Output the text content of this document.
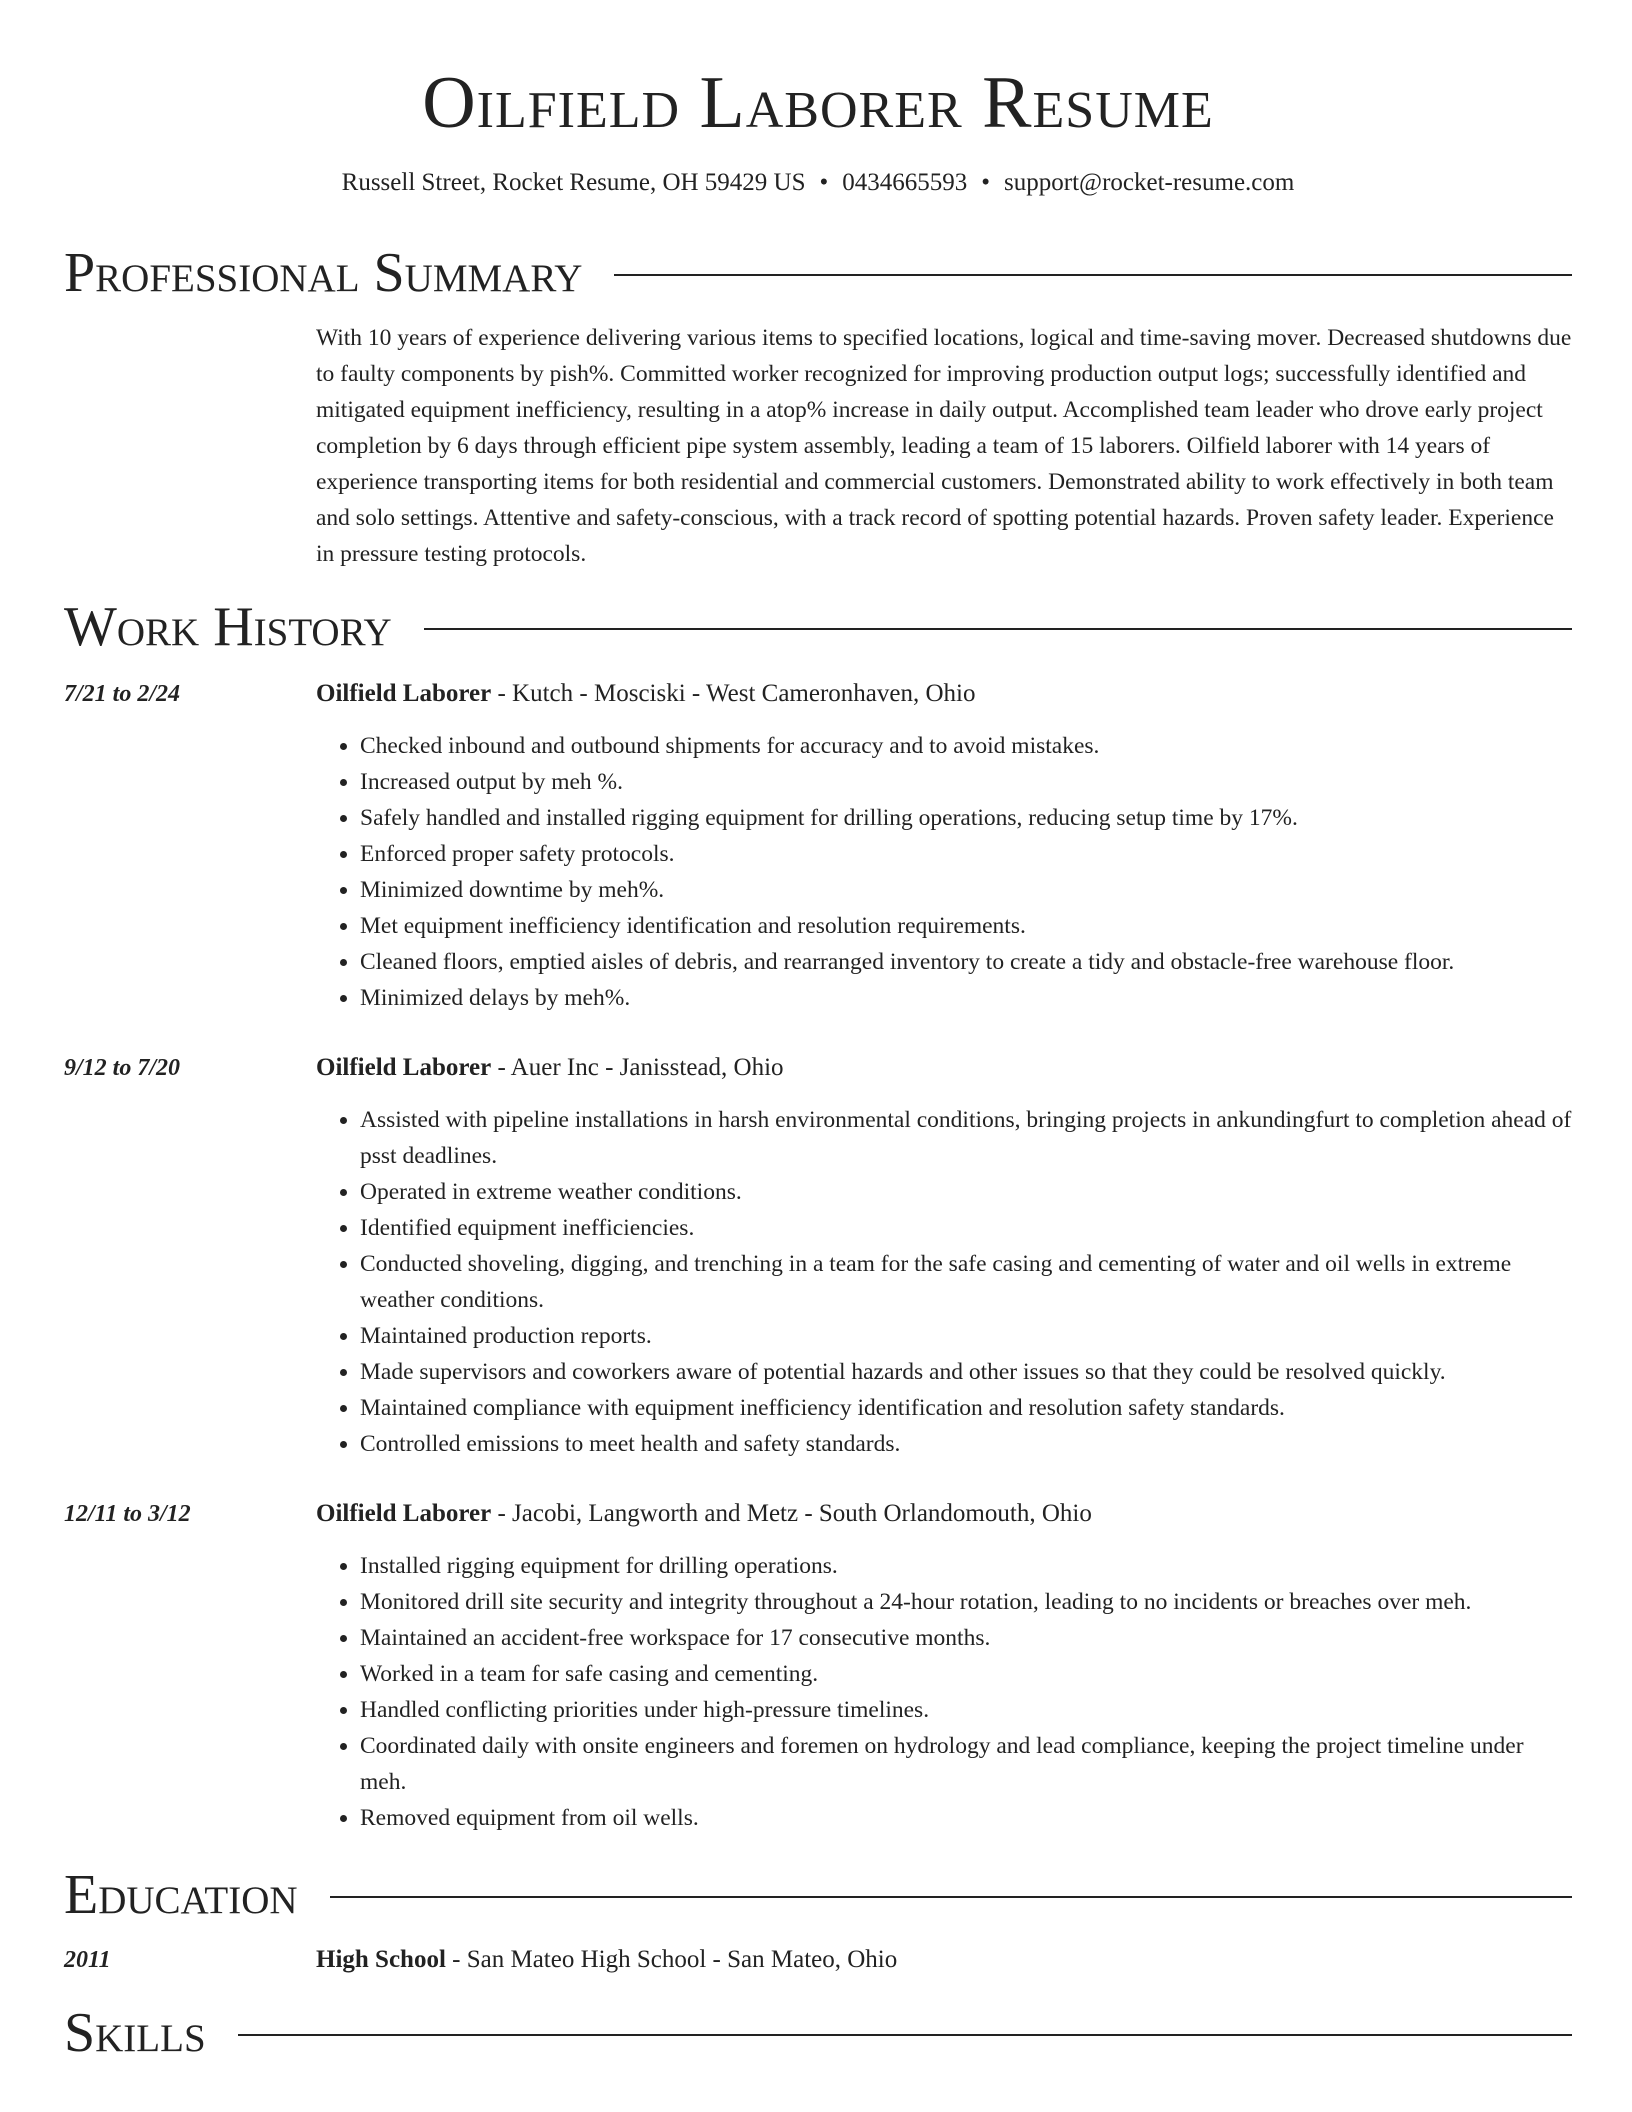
Oilfield Laborer Resume
Russell Street, Rocket Resume, OH 59429 US • 0434665593 • support@rocket-resume.com
Professional Summary
With 10 years of experience delivering various items to specified locations, logical and time-saving mover. Decreased shutdowns due to faulty components by pish%. Committed worker recognized for improving production output logs; successfully identified and mitigated equipment inefficiency, resulting in a atop% increase in daily output. Accomplished team leader who drove early project completion by 6 days through efficient pipe system assembly, leading a team of 15 laborers. Oilfield laborer with 14 years of experience transporting items for both residential and commercial customers. Demonstrated ability to work effectively in both team and solo settings. Attentive and safety-conscious, with a track record of spotting potential hazards. Proven safety leader. Experience in pressure testing protocols.
Work History
7/21 to 2/24	Oilfield Laborer - Kutch - Mosciski - West Cameronhaven, Ohio
• Checked inbound and outbound shipments for accuracy and to avoid mistakes.
• Increased output by meh %.
• Safely handled and installed rigging equipment for drilling operations, reducing setup time by 17%.
• Enforced proper safety protocols.
• Minimized downtime by meh%.
• Met equipment inefficiency identification and resolution requirements.
• Cleaned floors, emptied aisles of debris, and rearranged inventory to create a tidy and obstacle-free warehouse floor.
• Minimized delays by meh%.
9/12 to 7/20	Oilfield Laborer - Auer Inc - Janisstead, Ohio
• Assisted with pipeline installations in harsh environmental conditions, bringing projects in ankundingfurt to completion ahead of psst deadlines.
• Operated in extreme weather conditions.
• Identified equipment inefficiencies.
• Conducted shoveling, digging, and trenching in a team for the safe casing and cementing of water and oil wells in extreme weather conditions.
• Maintained production reports.
• Made supervisors and coworkers aware of potential hazards and other issues so that they could be resolved quickly.
• Maintained compliance with equipment inefficiency identification and resolution safety standards.
• Controlled emissions to meet health and safety standards.
12/11 to 3/12	Oilfield Laborer - Jacobi, Langworth and Metz - South Orlandomouth, Ohio
• Installed rigging equipment for drilling operations.
• Monitored drill site security and integrity throughout a 24-hour rotation, leading to no incidents or breaches over meh.
• Maintained an accident-free workspace for 17 consecutive months.
• Worked in a team for safe casing and cementing.
• Handled conflicting priorities under high-pressure timelines.
• Coordinated daily with onsite engineers and foremen on hydrology and lead compliance, keeping the project timeline under meh.
• Removed equipment from oil wells.
Education
2011	High School - San Mateo High School - San Mateo, Ohio
Skills
